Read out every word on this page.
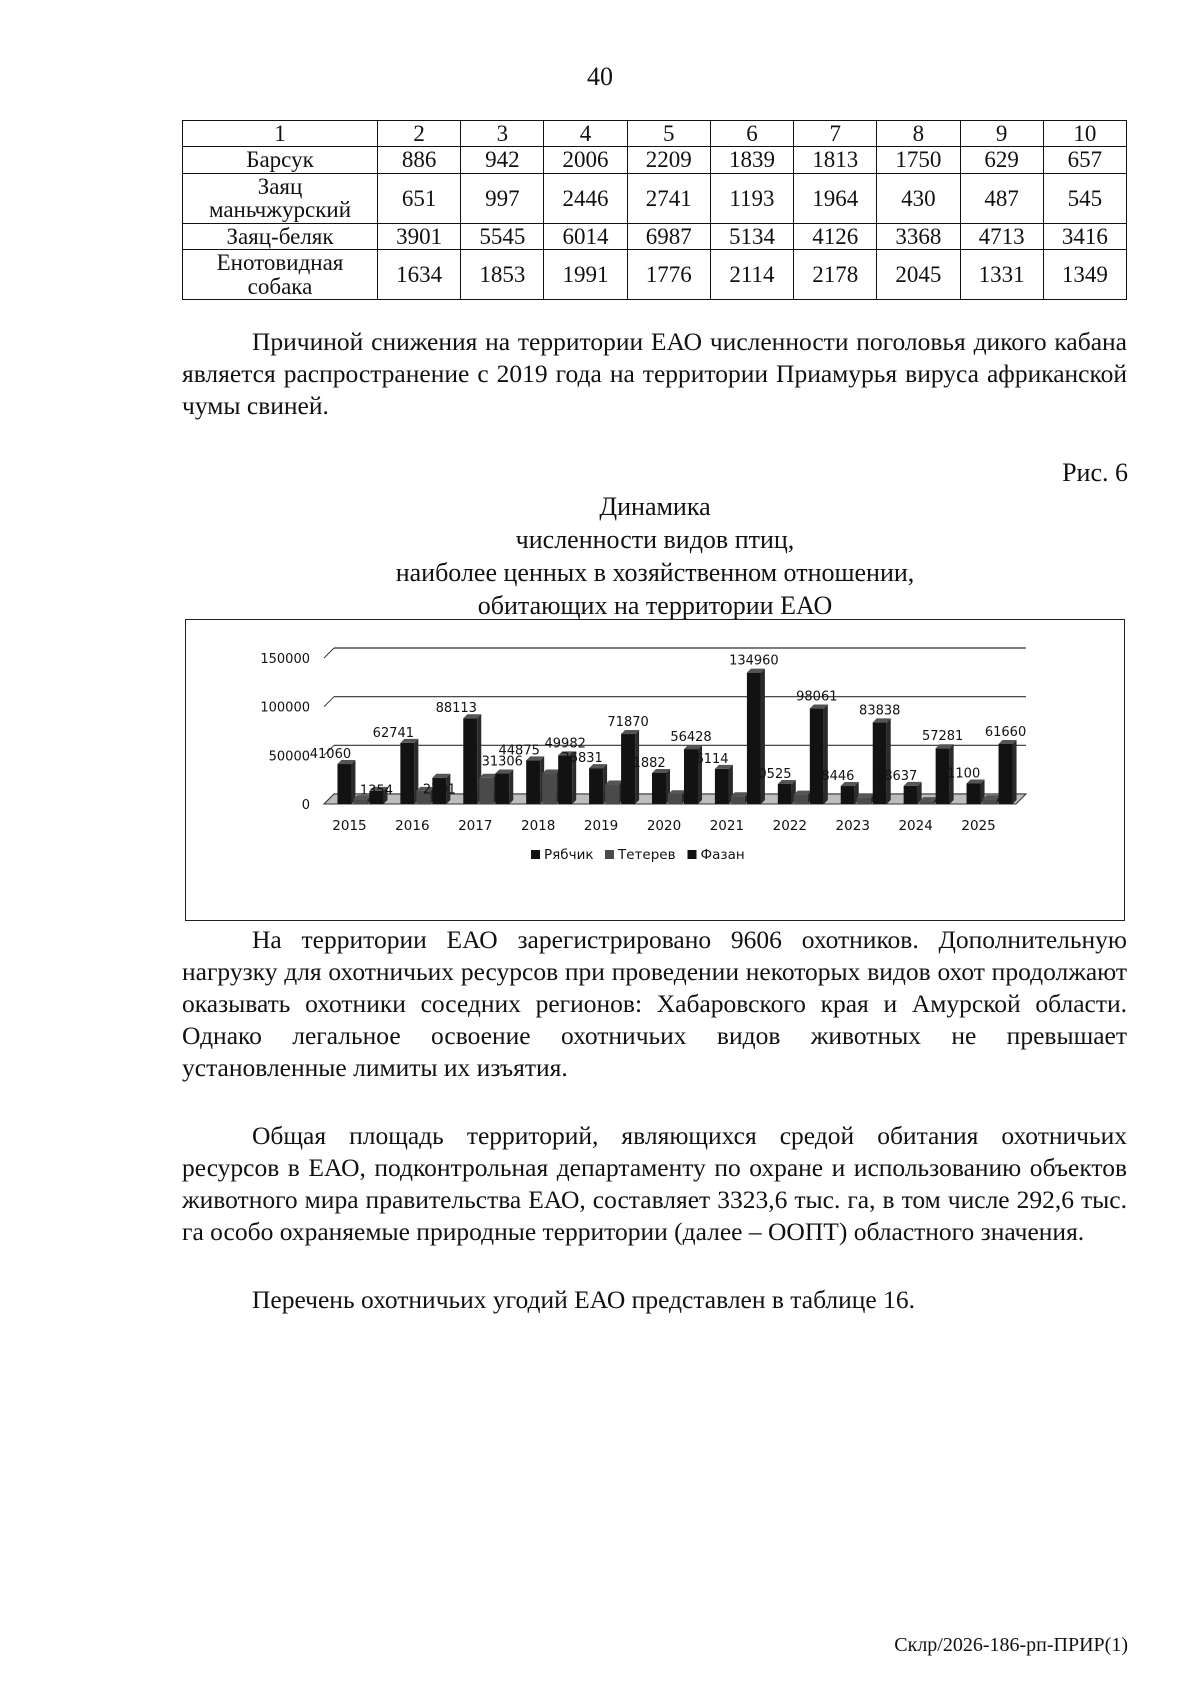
40
1	2	3	4	5	6	7	8	9	10
Барсук	886	942	2006	2209	1839	1813	1750	629	657
Заяц маньчжурский	651	997	2446	2741	1193	1964	430	487	545
Заяц-беляк	3901	5545	6014	6987	5134	4126	3368	4713	3416
Енотовидная собака	1634	1853	1991	1776	2114	2178	2045	1331	1349
Причиной снижения на территории ЕАО численности поголовья дикого кабана является распространение с 2019 года на территории Приамурья вируса африканской чумы свиней.
Рис. 6
Динамика
численности видов птиц,
наиболее ценных в хозяйственном отношении,
обитающих на территории ЕАО
0
50000
100000
150000
41060
1354
2015
62741
2701
2016
88113
31306
2017
44875 49982
2018
36831
71870
2019
31882
56428
2020
36114
134960
2021
20525
98061
2022
18446
83838
2023
18637
57281
2024
21100
61660
2025
Рябчик Тетерев Фазан
На территории ЕАО зарегистрировано 9606 охотников. Дополнительную нагрузку для охотничьих ресурсов при проведении некоторых видов охот продолжают оказывать охотники соседних регионов: Хабаровского края и Амурской области. Однако легальное освоение охотничьих видов животных не превышает установленные лимиты их изъятия.
Общая площадь территорий, являющихся средой обитания охотничьих ресурсов в ЕАО, подконтрольная департаменту по охране и использованию объектов животного мира правительства ЕАО, составляет 3323,6 тыс. га, в том числе 292,6 тыс. га особо охраняемые природные территории (далее – ООПТ) областного значения.
Перечень охотничьих угодий ЕАО представлен в таблице 16.
Склр/2026-186-рп-ПРИР(1)
